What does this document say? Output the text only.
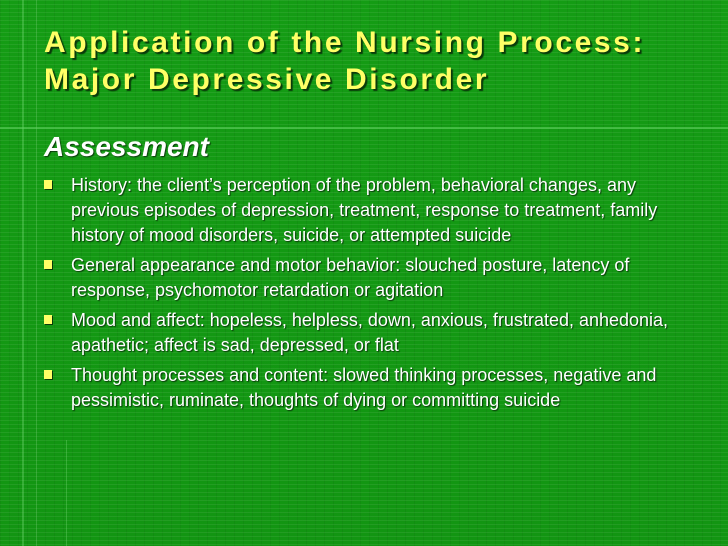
Application of the Nursing Process: Major Depressive Disorder
Assessment
History: the client’s perception of the problem, behavioral changes, any previous episodes of depression, treatment, response to treatment, family history of mood disorders, suicide, or attempted suicide
General appearance and motor behavior: slouched posture, latency of response, psychomotor retardation or agitation
Mood and affect: hopeless, helpless, down, anxious, frustrated, anhedonia, apathetic; affect is sad, depressed, or flat
Thought processes and content: slowed thinking processes, negative and pessimistic, ruminate, thoughts of dying or committing suicide
